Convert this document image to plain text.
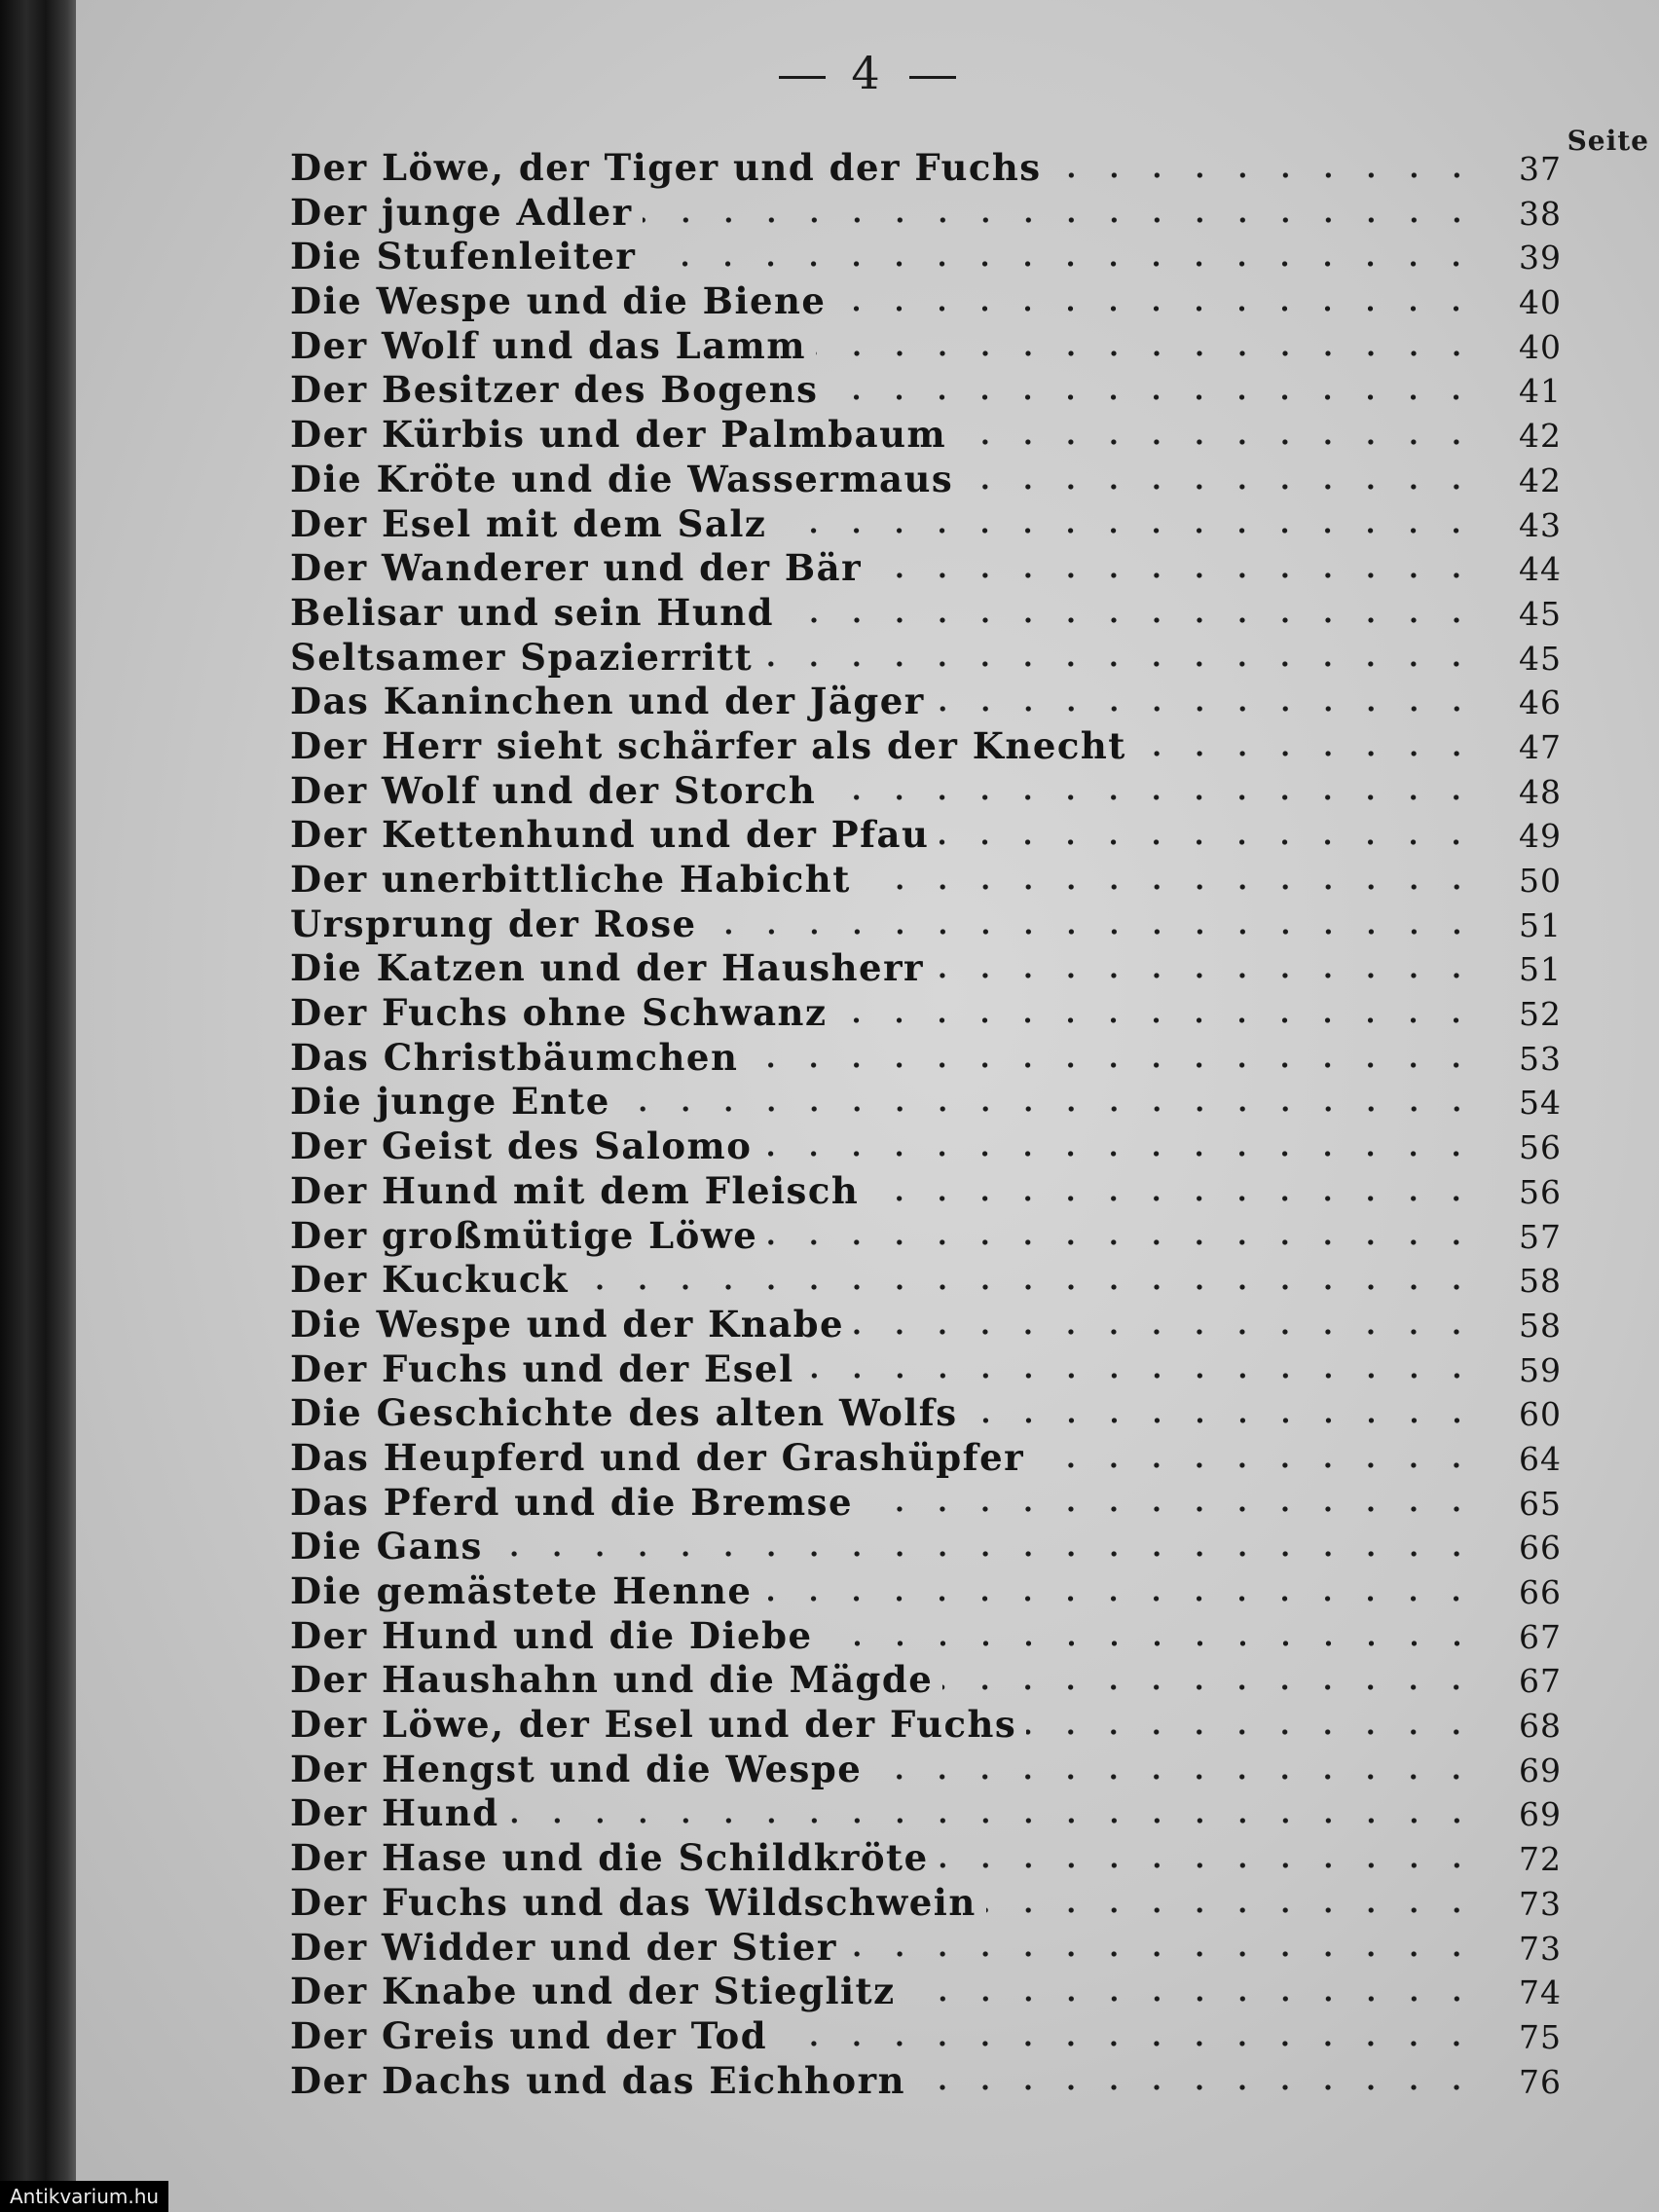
4
Seite
Der Löwe, der Tiger und der Fuchs	37
Der junge Adler	38
Die Stufenleiter	39
Die Wespe und die Biene	40
Der Wolf und das Lamm	40
Der Besitzer des Bogens	41
Der Kürbis und der Palmbaum	42
Die Kröte und die Wassermaus	42
Der Esel mit dem Salz	43
Der Wanderer und der Bär	44
Belisar und sein Hund	45
Seltsamer Spazierritt	45
Das Kaninchen und der Jäger	46
Der Herr sieht schärfer als der Knecht	47
Der Wolf und der Storch	48
Der Kettenhund und der Pfau	49
Der unerbittliche Habicht	50
Ursprung der Rose	51
Die Katzen und der Hausherr	51
Der Fuchs ohne Schwanz	52
Das Christbäumchen	53
Die junge Ente	54
Der Geist des Salomo	56
Der Hund mit dem Fleisch	56
Der großmütige Löwe	57
Der Kuckuck	58
Die Wespe und der Knabe	58
Der Fuchs und der Esel	59
Die Geschichte des alten Wolfs	60
Das Heupferd und der Grashüpfer	64
Das Pferd und die Bremse	65
Die Gans	66
Die gemästete Henne	66
Der Hund und die Diebe	67
Der Haushahn und die Mägde	67
Der Löwe, der Esel und der Fuchs	68
Der Hengst und die Wespe	69
Der Hund	69
Der Hase und die Schildkröte	72
Der Fuchs und das Wildschwein	73
Der Widder und der Stier	73
Der Knabe und der Stieglitz	74
Der Greis und der Tod	75
Der Dachs und das Eichhorn	76
Antikvarium.hu
